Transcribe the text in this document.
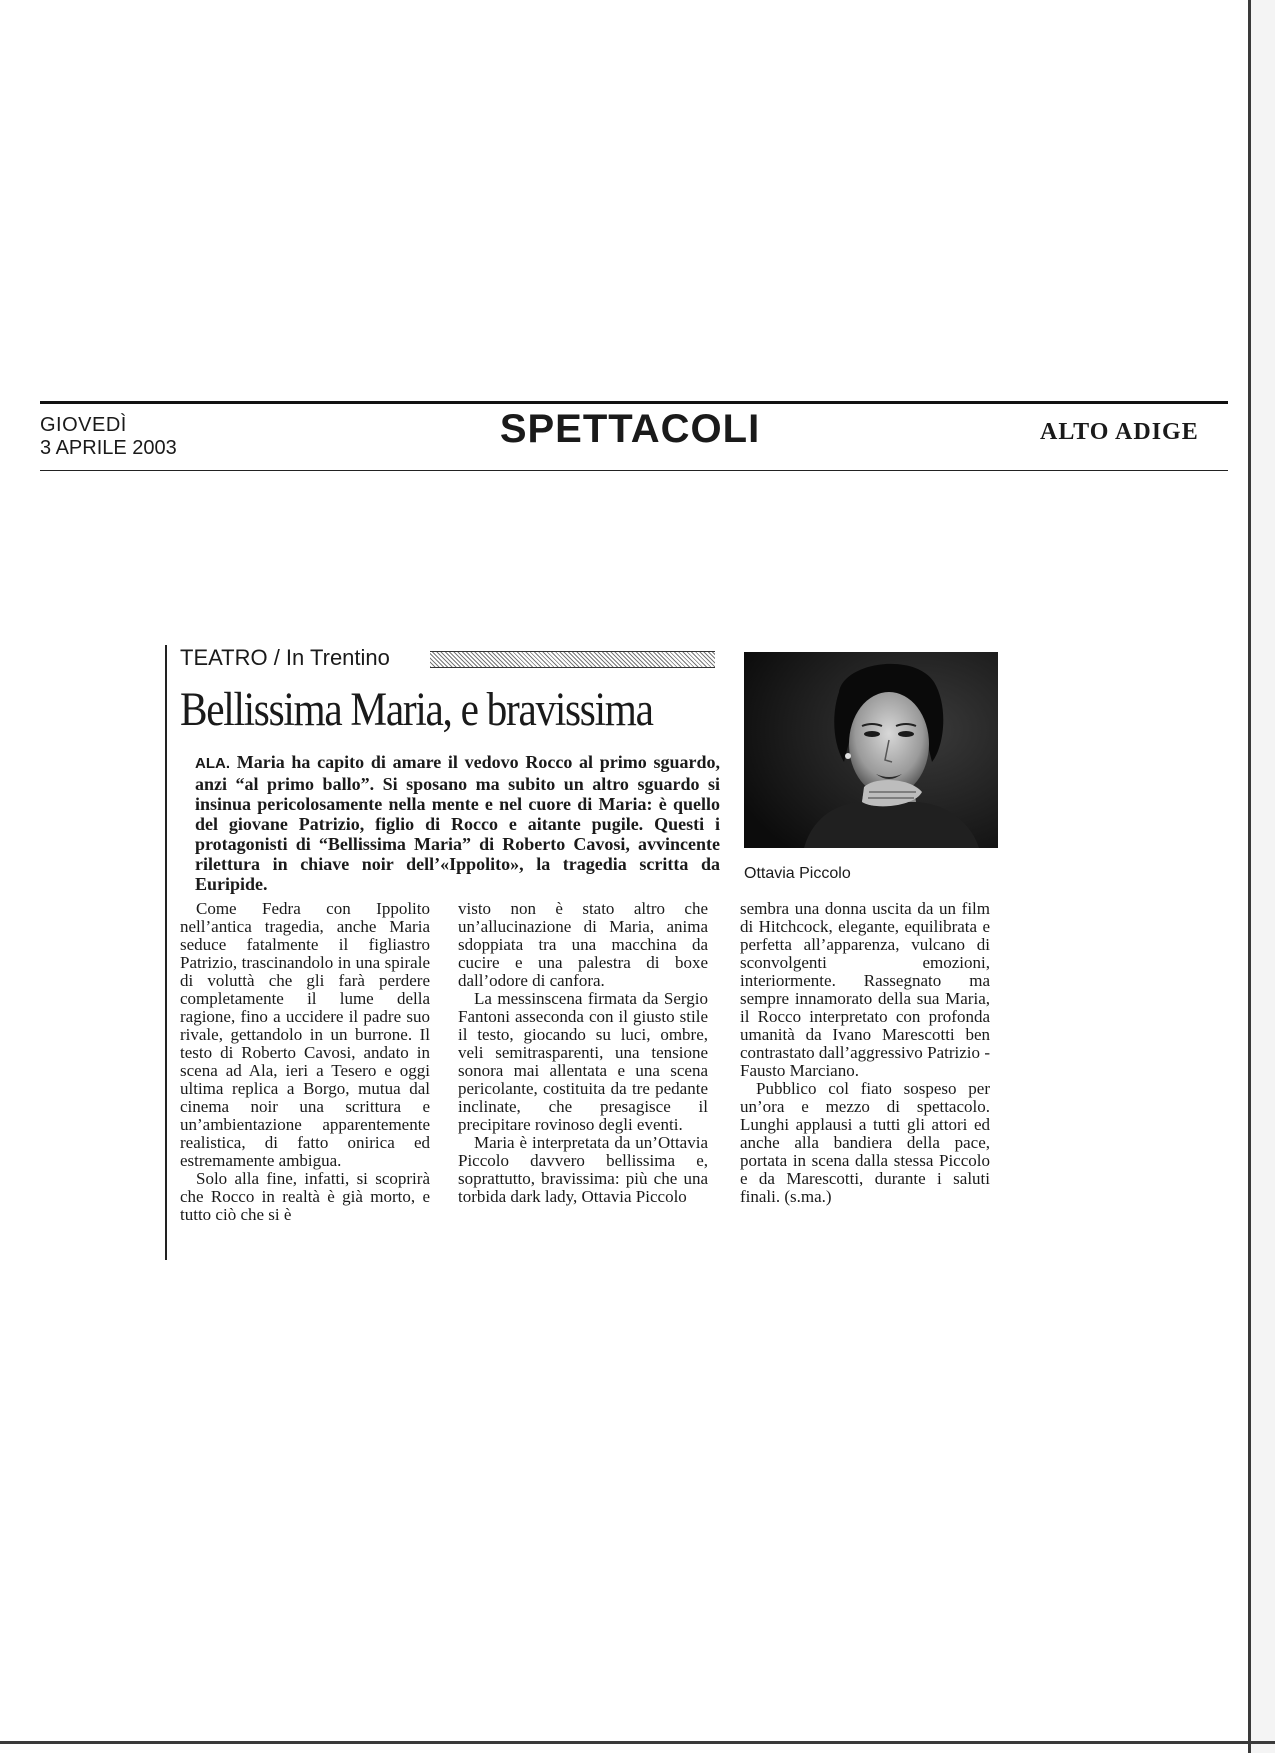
GIOVEDÌ
3 APRILE 2003	SPETTACOLI	ALTO ADIGE
TEATRO / In Trentino
Bellissima Maria, e bravissima
ALA. Maria ha capito di amare il vedovo Rocco al primo sguardo, anzi “al primo ballo”. Si sposano ma subito un altro sguardo si insinua pericolosamente nella mente e nel cuore di Maria: è quello del giovane Patrizio, figlio di Rocco e aitante pugile. Questi i protagonisti di “Bellissima Maria” di Roberto Cavosi, avvincente rilettura in chiave noir dell’«Ippolito», la tragedia scritta da Euripide.
Ottavia Piccolo

Come Fedra con Ippolito nell’antica tragedia, anche Maria seduce fatalmente il figliastro Patrizio, trascinandolo in una spirale di voluttà che gli farà perdere completamente il lume della ragione, fino a uccidere il padre suo rivale, gettandolo in un burrone. Il testo di Roberto Cavosi, andato in scena ad Ala, ieri a Tesero e oggi ultima replica a Borgo, mutua dal cinema noir una scrittura e un’ambientazione apparentemente realistica, di fatto onirica ed estremamente ambigua.

Solo alla fine, infatti, si scoprirà che Rocco in realtà è già morto, e tutto ciò che si è

visto non è stato altro che un’allucinazione di Maria, anima sdoppiata tra una macchina da cucire e una palestra di boxe dall’odore di canfora.

La messinscena firmata da Sergio Fantoni asseconda con il giusto stile il testo, giocando su luci, ombre, veli semitrasparenti, una tensione sonora mai allentata e una scena pericolante, costituita da tre pedante inclinate, che presagisce il precipitare rovinoso degli eventi.

Maria è interpretata da un’Ottavia Piccolo davvero bellissima e, soprattutto, bravissima: più che una torbida dark lady, Ottavia Piccolo

sembra una donna uscita da un film di Hitchcock, elegante, equilibrata e perfetta all’apparenza, vulcano di sconvolgenti emozioni, interiormente. Rassegnato ma sempre innamorato della sua Maria, il Rocco interpretato con profonda umanità da Ivano Marescotti ben contrastato dall’aggressivo Patrizio - Fausto Marciano.

Pubblico col fiato sospeso per un’ora e mezzo di spettacolo. Lunghi applausi a tutti gli attori ed anche alla bandiera della pace, portata in scena dalla stessa Piccolo e da Marescotti, durante i saluti finali. (s.ma.)
